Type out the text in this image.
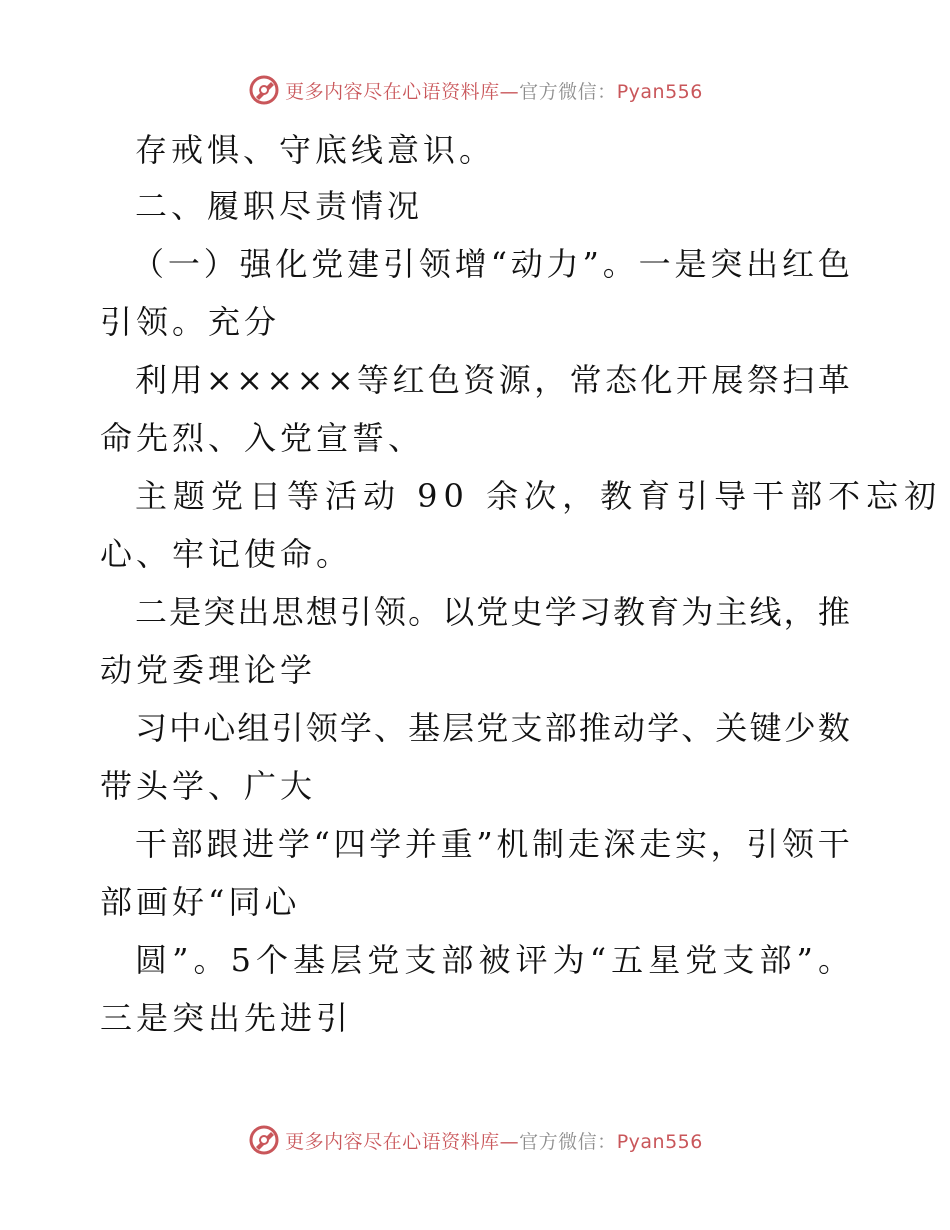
更多内容尽在心语资料库—官方微信：Pyan556
存戒惧、守底线意识。
二、履职尽责情况
（ 一 ） 强 化 党 建 引 领 增 “ 动 力 ” 。 一 是 突 出 红 色
引领。充分
利 用 × × × × × 等 红 色 资 源 ， 常 态 化 开 展 祭 扫 革
命先烈、入党宣誓、
主题党日等活动 90 余次，教育引导干部不忘初
心、牢记使命。
二 是 突 出 思 想 引 领 。 以 党 史 学 习 教 育 为 主 线 ， 推
动党委理论学
习 中 心 组 引 领 学 、 基 层 党 支 部 推 动 学 、 关 键 少 数
带头学、广大
干 部 跟 进 学 “ 四 学 并 重 ” 机 制 走 深 走 实 ， 引 领 干
部画好“同心
圆 ” 。 5 个 基 层 党 支 部 被 评 为 “ 五 星 党 支 部 ” 。
三是突出先进引
更多内容尽在心语资料库—官方微信：Pyan556
